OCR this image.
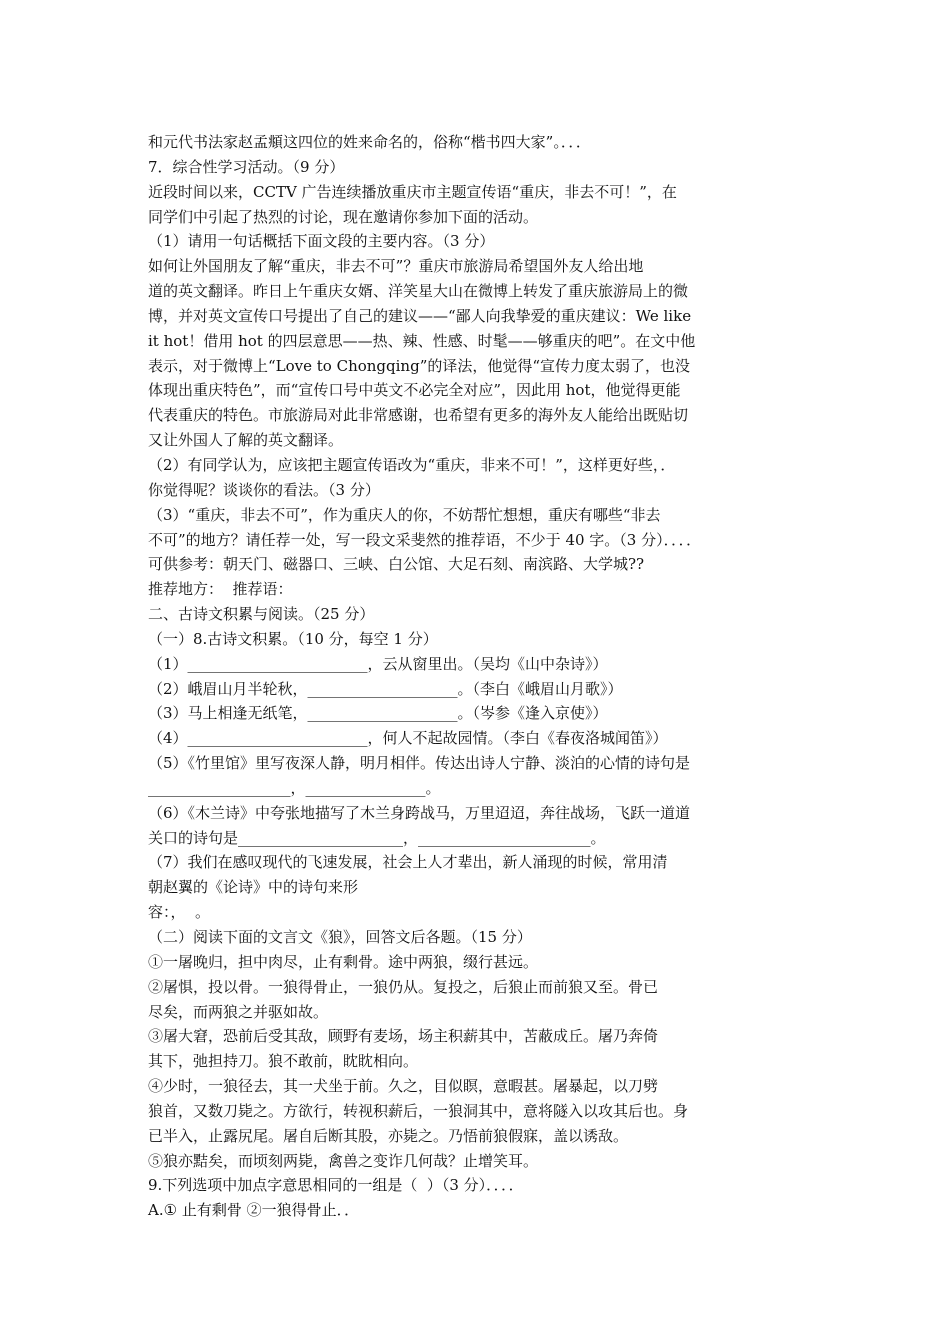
和元代书法家赵孟頫这四位的姓来命名的，俗称“楷书四大家”。．．．
7．综合性学习活动。（9 分）
近段时间以来，CCTV 广告连续播放重庆市主题宣传语“重庆，非去不可！”，在
同学们中引起了热烈的讨论，现在邀请你参加下面的活动。
（1）请用一句话概括下面文段的主要内容。（3 分）
如何让外国朋友了解“重庆，非去不可”？重庆市旅游局希望国外友人给出地
道的英文翻译。昨日上午重庆女婿、洋笑星大山在微博上转发了重庆旅游局上的微
博，并对英文宣传口号提出了自己的建议——“鄙人向我挚爱的重庆建议：We like
it hot！借用 hot 的四层意思——热、辣、性感、时髦——够重庆的吧”。在文中他
表示，对于微博上“Love to Chongqing”的译法，他觉得“宣传力度太弱了，也没
体现出重庆特色”，而“宣传口号中英文不必完全对应”，因此用 hot，他觉得更能
代表重庆的特色。市旅游局对此非常感谢，也希望有更多的海外友人能给出既贴切
又让外国人了解的英文翻译。
（2）有同学认为，应该把主题宣传语改为“重庆，非来不可！”，这样更好些，．
你觉得呢？谈谈你的看法。（3 分）
（3）“重庆，非去不可”，作为重庆人的你，不妨帮忙想想，重庆有哪些“非去
不可”的地方？请任荐一处，写一段文采斐然的推荐语，不少于 40 字。（3 分）．．．．
可供参考：朝天门、磁器口、三峡、白公馆、大足石刻、南滨路、大学城??
推荐地方：  推荐语：
二、古诗文积累与阅读。（25 分）
（一）8.古诗文积累。（10 分，每空 1 分）
（1）________________________，云从窗里出。（吴均《山中杂诗》）
（2）峨眉山月半轮秋，____________________。（李白《峨眉山月歌》）
（3）马上相逢无纸笔，____________________。（岑参《逢入京使》）
（4）________________________，何人不起故园情。（李白《春夜洛城闻笛》）
（5）《竹里馆》里写夜深人静，明月相伴。传达出诗人宁静、淡泊的心情的诗句是
___________________，________________。
（6）《木兰诗》中夸张地描写了木兰身跨战马，万里迢迢，奔往战场，飞跃一道道
关口的诗句是______________________，_______________________。
（7）我们在感叹现代的飞速发展，社会上人才辈出，新人涌现的时候，常用清
朝赵翼的《论诗》中的诗句来形
容：，  。
（二）阅读下面的文言文《狼》，回答文后各题。（15 分）
①一屠晚归，担中肉尽，止有剩骨。途中两狼，缀行甚远。
②屠惧，投以骨。一狼得骨止，一狼仍从。复投之，后狼止而前狼又至。骨已
尽矣，而两狼之并驱如故。
③屠大窘，恐前后受其敌，顾野有麦场，场主积薪其中，苫蔽成丘。屠乃奔倚
其下，弛担持刀。狼不敢前，眈眈相向。
④少时，一狼径去，其一犬坐于前。久之，目似瞑，意暇甚。屠暴起，以刀劈
狼首，又数刀毙之。方欲行，转视积薪后，一狼洞其中，意将隧入以攻其后也。身
已半入，止露尻尾。屠自后断其股，亦毙之。乃悟前狼假寐，盖以诱敌。
⑤狼亦黠矣，而顷刻两毙，禽兽之变诈几何哉？止增笑耳。
9.下列选项中加点字意思相同的一组是（  ）（3 分）．．．．
A.① 止有剩骨 ②一狼得骨止．．
